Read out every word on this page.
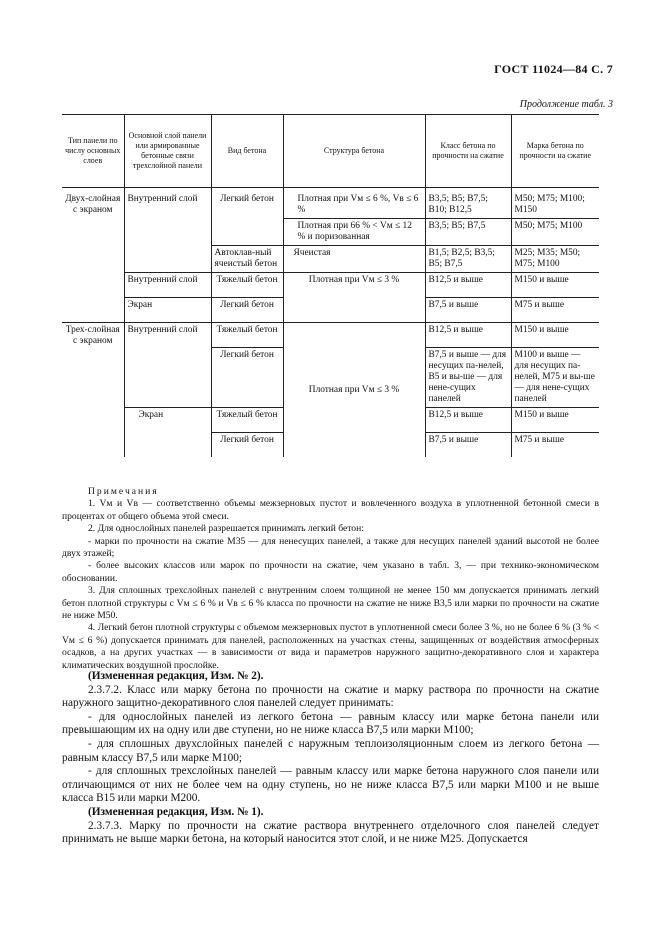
ГОСТ 11024—84 С. 7
Продолжение табл. 3
Тип панели по числу основных слоев	Основной слой панели или армированные бетонные связи трехслойной панели	Вид бетона	Структура бетона	Класс бетона по прочности на сжатие	Марка бетона по прочности на сжатие
Двух-слойная с экраном	Внутренний слой	Легкий бетон	Плотная при Vм ≤ 6 %, Vв ≤ 6 %	В3,5; В5; В7,5; В10; В12,5	М50; М75; М100; М150
			Плотная при 66 % < Vм ≤ 12 % и поризованная	В3,5; В5; В7,5	М50; М75; М100
		Автоклав-ный ячеистый бетон	Ячеистая	В1,5; В2,5; В3,5; В5; В7,5	М25; М35; М50; М75; М100
	Внутренний слой	Тяжелый бетон	Плотная при Vм ≤ 3 %	В12,5 и выше	М150 и выше
	Экран	Легкий бетон		В7,5 и выше	М75 и выше
Трех-слойная с экраном	Внутренний слой	Тяжелый бетон	Плотная при Vм ≤ 3 %	В12,5 и выше	М150 и выше
		Легкий бетон		В7,5 и выше — для несущих па-нелей, В5 и вы-ше — для нене-сущих панелей	М100 и выше — для несущих па-нелей, М75 и вы-ше — для нене-сущих панелей
	Экран	Тяжелый бетон		В12,5 и выше	М150 и выше
		Легкий бетон		В7,5 и выше	М75 и выше

Примечания

1. Vм и Vв — соответственно объемы межзерновых пустот и вовлеченного воздуха в уплотненной бетонной смеси в процентах от общего объема этой смеси.

2. Для однослойных панелей разрешается принимать легкий бетон:

- марки по прочности на сжатие М35 — для ненесущих панелей, а также для несущих панелей зданий высотой не более двух этажей;

- более высоких классов или марок по прочности на сжатие, чем указано в табл. 3, — при технико-экономическом обосновании.

3. Для сплошных трехслойных панелей с внутренним слоем толщиной не менее 150 мм допускается принимать легкий бетон плотной структуры с Vм ≤ 6 % и Vв ≤ 6 % класса по прочности на сжатие не ниже В3,5 или марки по прочности на сжатие не ниже М50.

4. Легкий бетон плотной структуры с объемом межзерновых пустот в уплотненной смеси более 3 %, но не более 6 % (3 % < Vм ≤ 6 %) допускается принимать для панелей, расположенных на участках стены, защищенных от воздействия атмосферных осадков, а на других участках — в зависимости от вида и параметров наружного защитно-декоративного слоя и характера климатических воздушной прослойке.

(Измененная редакция, Изм. № 2).

2.3.7.2. Класс или марку бетона по прочности на сжатие и марку раствора по прочности на сжатие наружного защитно-декоративного слоя панелей следует принимать:

- для однослойных панелей из легкого бетона — равным классу или марке бетона панели или превышающим их на одну или две ступени, но не ниже класса В7,5 или марки М100;

- для сплошных двухслойных панелей с наружным теплоизоляционным слоем из легкого бетона — равным классу В7,5 или марке М100;

- для сплошных трехслойных панелей — равным классу или марке бетона наружного слоя панели или отличающимся от них не более чем на одну ступень, но не ниже класса В7,5 или марки М100 и не выше класса В15 или марки М200.

(Измененная редакция, Изм. № 1).

2.3.7.3. Марку по прочности на сжатие раствора внутреннего отделочного слоя панелей следует принимать не выше марки бетона, на который наносится этот слой, и не ниже М25. Допускается
